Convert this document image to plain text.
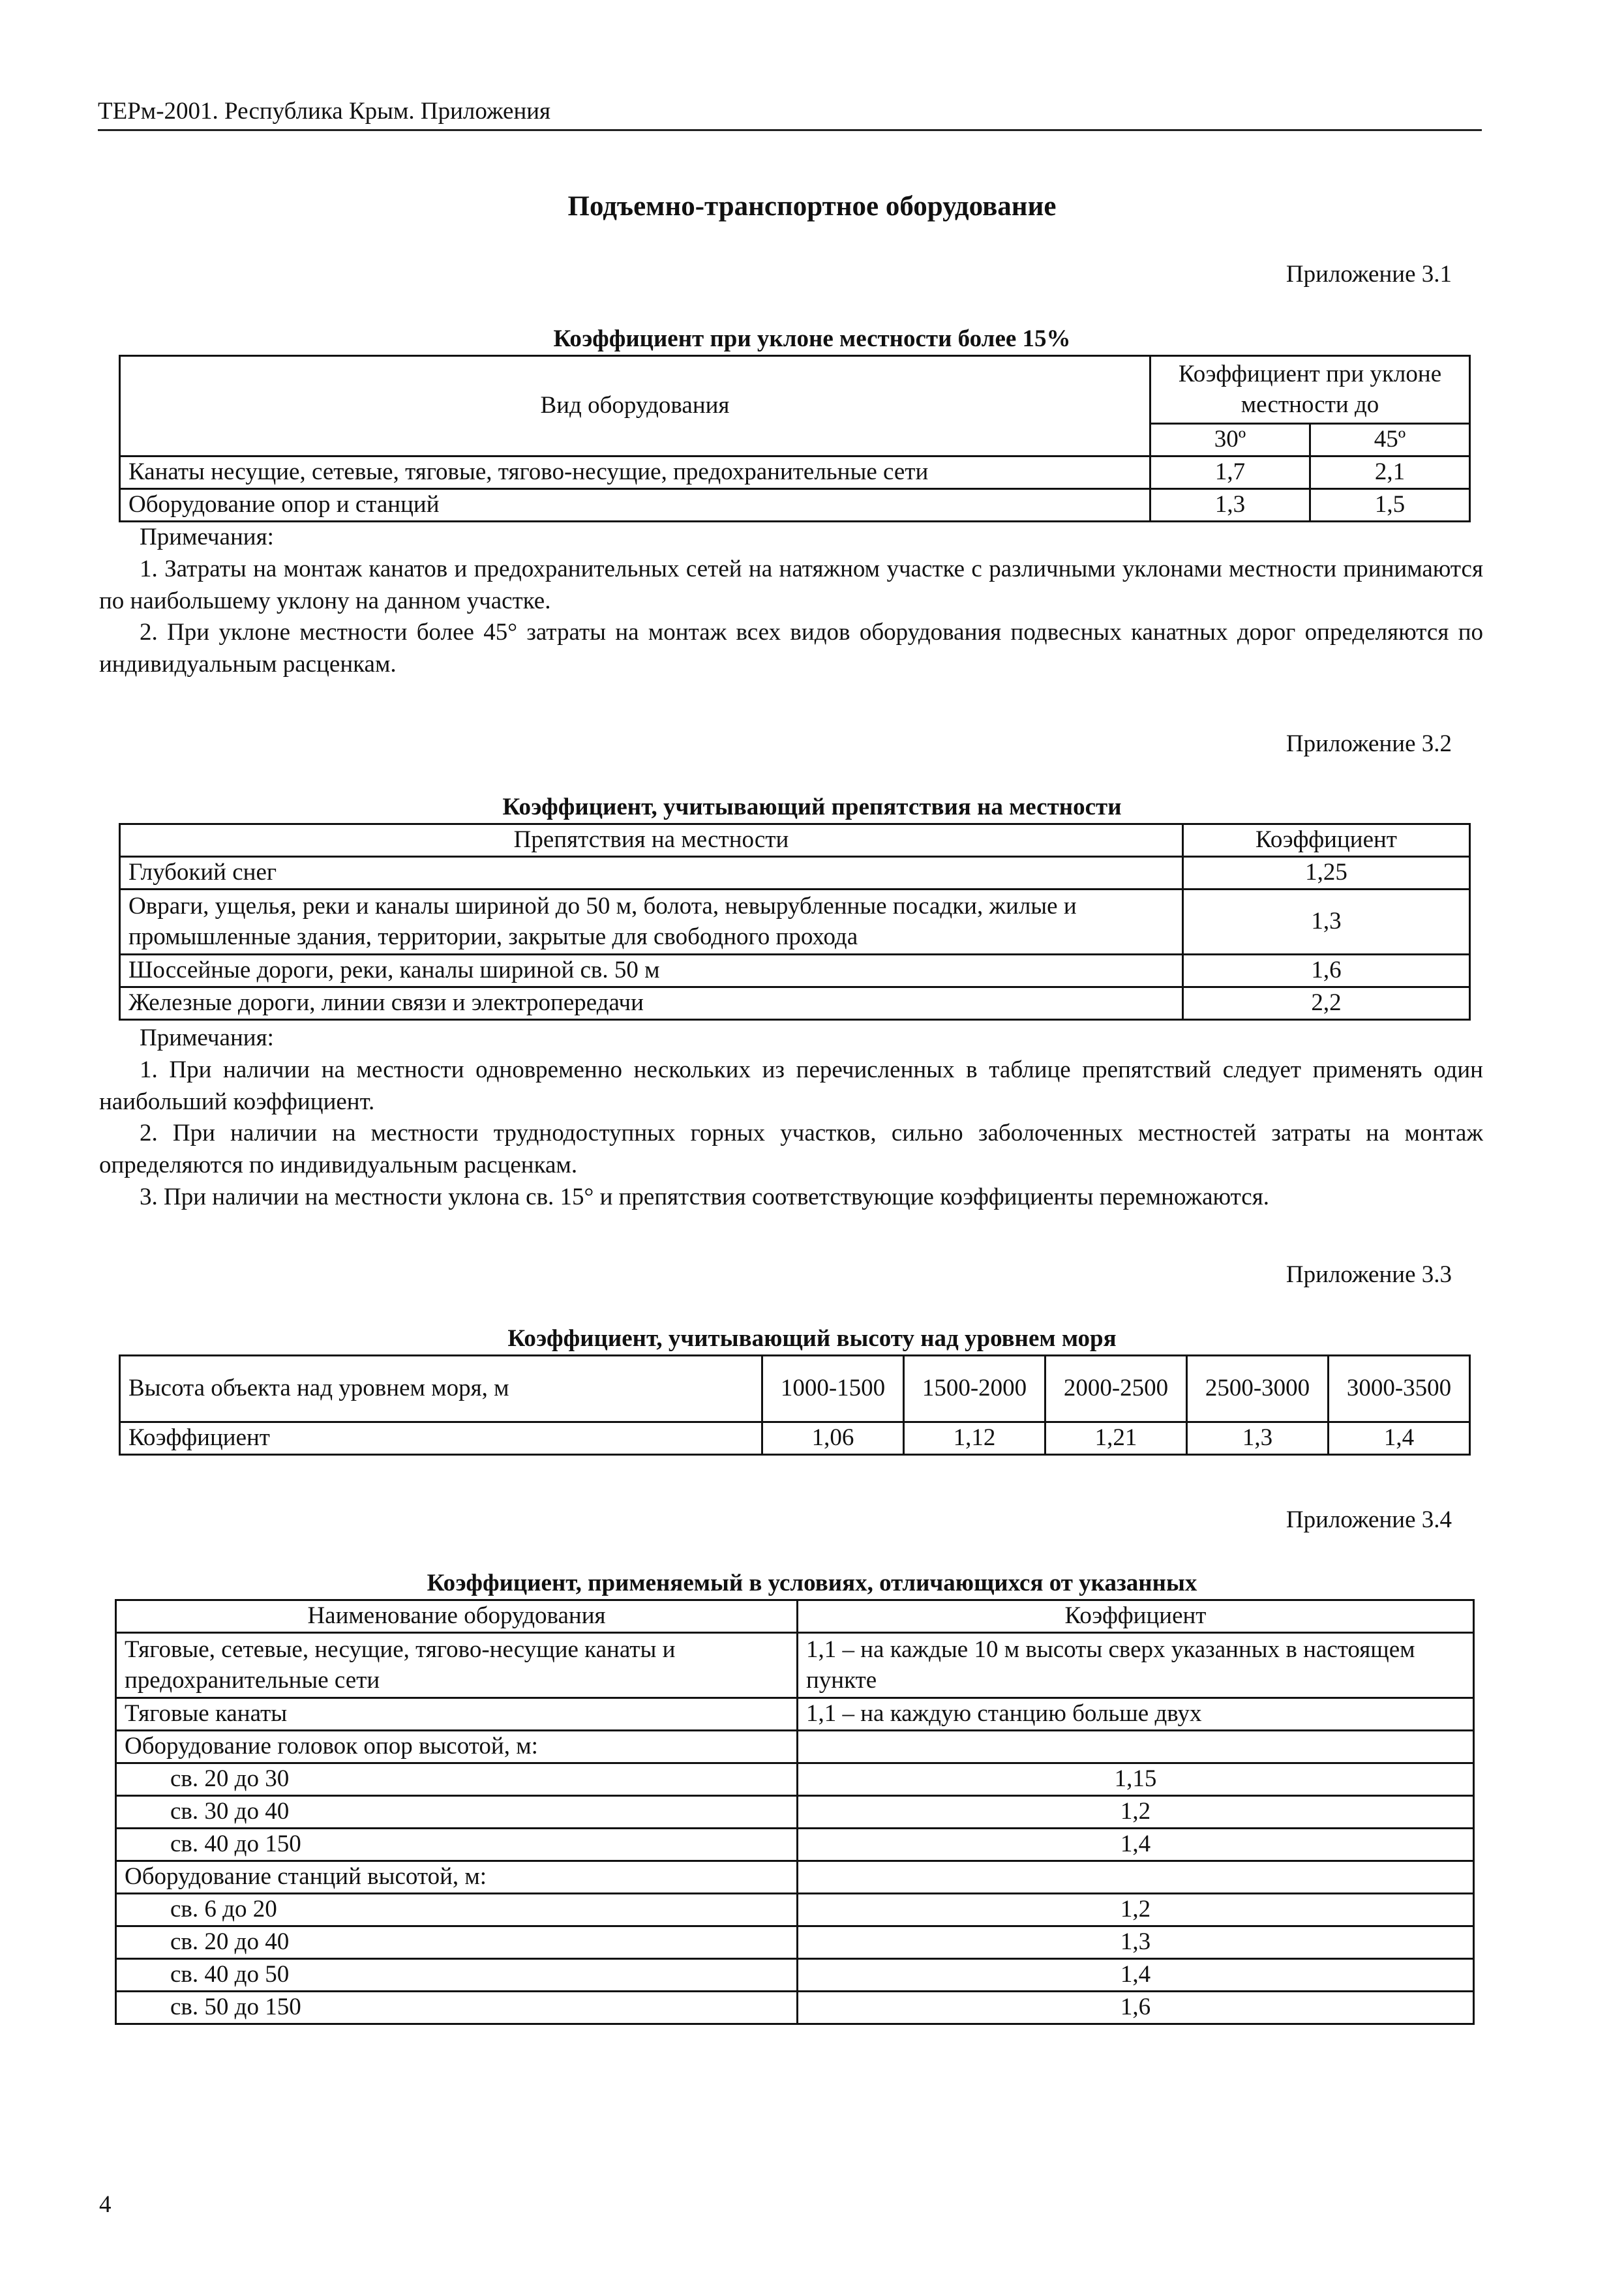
ТЕРм-2001. Республика Крым. Приложения
Подъемно-транспортное оборудование
Приложение 3.1
Коэффициент при уклоне местности более 15%
Вид оборудования	Коэффициент при уклоне местности до	
	30º	45º
Канаты несущие, сетевые, тяговые, тягово-несущие, предохранительные сети	1,7	2,1
Оборудование опор и станций	1,3	1,5
Примечания:

1. Затраты на монтаж канатов и предохранительных сетей на натяжном участке с различными уклонами местности принимаются по наибольшему уклону на данном участке.

2. При уклоне местности более 45° затраты на монтаж всех видов оборудования подвесных канатных дорог определяются по индивидуальным расценкам.

Приложение 3.2
Коэффициент, учитывающий препятствия на местности
Препятствия на местности	Коэффициент
Глубокий снег	1,25
Овраги, ущелья, реки и каналы шириной до 50 м, болота, невырубленные посадки, жилые и промышленные здания, территории, закрытые для свободного прохода	1,3
Шоссейные дороги, реки, каналы шириной св. 50 м	1,6
Железные дороги, линии связи и электропередачи	2,2
Примечания:

1. При наличии на местности одновременно нескольких из перечисленных в таблице препятствий следует применять один наибольший коэффициент.

2. При наличии на местности труднодоступных горных участков, сильно заболоченных местностей затраты на монтаж определяются по индивидуальным расценкам.

3. При наличии на местности уклона св. 15° и препятствия соответствующие коэффициенты перемножаются.

Приложение 3.3
Коэффициент, учитывающий высоту над уровнем моря
Высота объекта над уровнем моря, м	1000-1500	1500-2000	2000-2500	2500-3000	3000-3500
Коэффициент	1,06	1,12	1,21	1,3	1,4
Приложение 3.4
Коэффициент, применяемый в условиях, отличающихся от указанных
Наименование оборудования	Коэффициент
Тяговые, сетевые, несущие, тягово-несущие канаты и предохранительные сети	1,1 – на каждые 10 м высоты сверх указанных в настоящем пункте
Тяговые канаты	1,1 – на каждую станцию больше двух
Оборудование головок опор высотой, м:	
св. 20 до 30	1,15
св. 30 до 40	1,2
св. 40 до 150	1,4
Оборудование станций высотой, м:	
св. 6 до 20	1,2
св. 20 до 40	1,3
св. 40 до 50	1,4
св. 50 до 150	1,6
4
